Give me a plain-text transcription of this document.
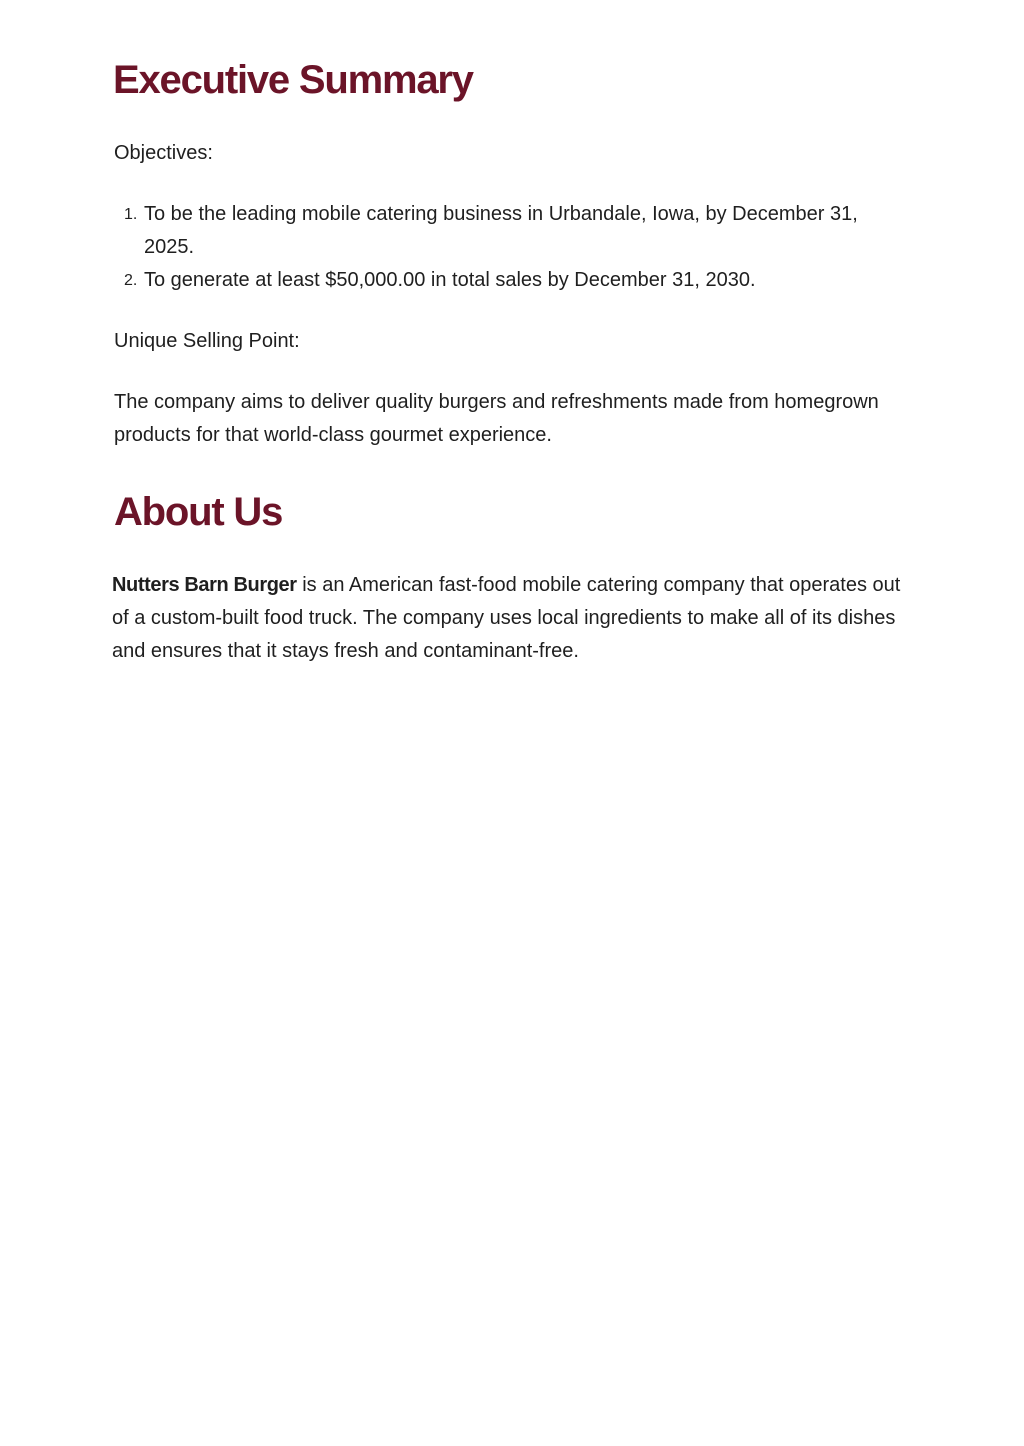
Executive Summary

Objectives:

1. To be the leading mobile catering business in Urbandale, Iowa, by December 31, 2025.
2. To generate at least $50,000.00 in total sales by December 31, 2030.

Unique Selling Point:

The company aims to deliver quality burgers and refreshments made from homegrown products for that world-class gourmet experience.

About Us

Nutters Barn Burger is an American fast-food mobile catering company that operates out of a custom-built food truck. The company uses local ingredients to make all of its dishes and ensures that it stays fresh and contaminant-free.
